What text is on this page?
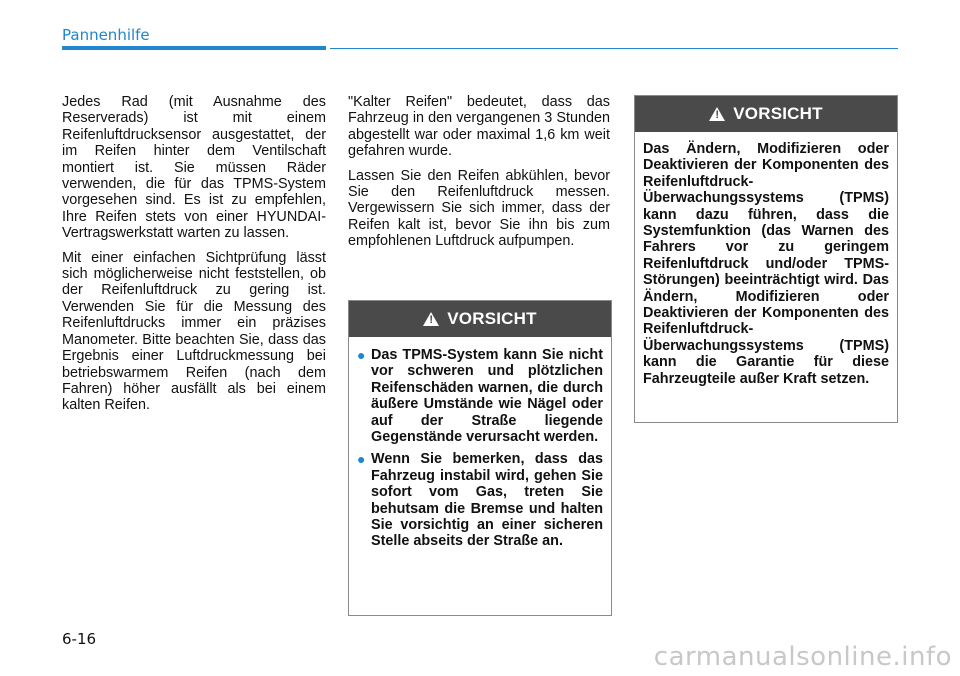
Pannenhilfe

Jedes Rad (mit Ausnahme des Reserverads) ist mit einem Reifenluftdrucksensor ausgestattet, der im Reifen hinter dem Ventilschaft montiert ist. Sie müssen Räder verwenden, die für das TPMS-System vorgesehen sind. Es ist zu empfehlen, Ihre Reifen stets von einer HYUNDAI-Vertragswerkstatt warten zu lassen.

Mit einer einfachen Sichtprüfung lässt sich möglicherweise nicht feststellen, ob der Reifenluftdruck zu gering ist. Verwenden Sie für die Messung des Reifenluftdrucks immer ein präzises Manometer. Bitte beachten Sie, dass das Ergebnis einer Luftdruckmessung bei betriebswarmem Reifen (nach dem Fahren) höher ausfällt als bei einem kalten Reifen.

"Kalter Reifen" bedeutet, dass das Fahrzeug in den vergangenen 3 Stunden abgestellt war oder maximal 1,6 km weit gefahren wurde.

Lassen Sie den Reifen abkühlen, bevor Sie den Reifenluftdruck messen. Vergewissern Sie sich immer, dass der Reifen kalt ist, bevor Sie ihn bis zum empfohlenen Luftdruck aufpumpen.

! VORSICHT
● Das TPMS-System kann Sie nicht vor schweren und plötzlichen Reifenschäden warnen, die durch äußere Umstände wie Nägel oder auf der Straße liegende Gegenstände verursacht werden.
● Wenn Sie bemerken, dass das Fahrzeug instabil wird, gehen Sie sofort vom Gas, treten Sie behutsam die Bremse und halten Sie vorsichtig an einer sicheren Stelle abseits der Straße an.
! VORSICHT
Das Ändern, Modifizieren oder Deaktivieren der Komponenten des Reifenluftdruck-Überwachungssystems (TPMS) kann dazu führen, dass die Systemfunktion (das Warnen des Fahrers vor zu geringem Reifenluftdruck und/oder TPMS-Störungen) beeinträchtigt wird. Das Ändern, Modifizieren oder Deaktivieren der Komponenten des Reifenluftdruck-Überwachungssystems (TPMS) kann die Garantie für diese Fahrzeugteile außer Kraft setzen.
6-16
carmanualsonline.info
